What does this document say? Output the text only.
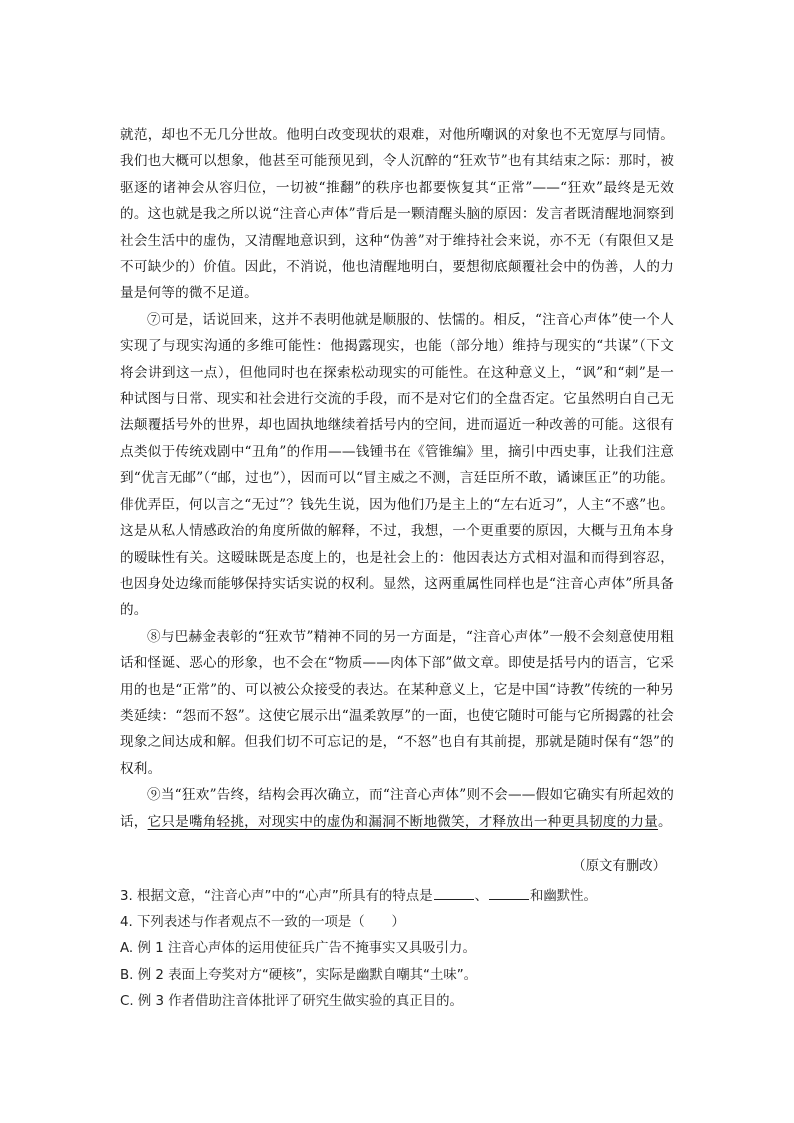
就范，却也不无几分世故。他明白改变现状的艰难，对他所嘲讽的对象也不无宽厚与同情。我们也大概可以想象，他甚至可能预见到，令人沉醉的“狂欢节”也有其结束之际：那时，被驱逐的诸神会从容归位，一切被“推翻”的秩序也都要恢复其“正常”——“狂欢”最终是无效的。这也就是我之所以说“注音心声体”背后是一颗清醒头脑的原因：发言者既清醒地洞察到社会生活中的虚伪，又清醒地意识到，这种“伪善”对于维持社会来说，亦不无（有限但又是不可缺少的）价值。因此，不消说，他也清醒地明白，要想彻底颠覆社会中的伪善，人的力量是何等的微不足道。

⑦可是，话说回来，这并不表明他就是顺服的、怯懦的。相反，“注音心声体”使一个人实现了与现实沟通的多维可能性：他揭露现实，也能（部分地）维持与现实的“共谋”（下文将会讲到这一点），但他同时也在探索松动现实的可能性。在这种意义上，“讽”和“刺”是一种试图与日常、现实和社会进行交流的手段，而不是对它们的全盘否定。它虽然明白自己无法颠覆括号外的世界，却也固执地继续着括号内的空间，进而逼近一种改善的可能。这很有点类似于传统戏剧中“丑角”的作用——钱锺书在《管锥编》里，摘引中西史事，让我们注意到“优言无邮”（“邮，过也”），因而可以“冒主威之不测，言廷臣所不敢，谲谏匡正”的功能。俳优弄臣，何以言之“无过”？钱先生说，因为他们乃是主上的“左右近习”，人主“不惑”也。这是从私人情感政治的角度所做的解释，不过，我想，一个更重要的原因，大概与丑角本身的暧昧性有关。这暧昧既是态度上的，也是社会上的：他因表达方式相对温和而得到容忍，也因身处边缘而能够保持实话实说的权利。显然，这两重属性同样也是“注音心声体”所具备的。

⑧与巴赫金表彰的“狂欢节”精神不同的另一方面是，“注音心声体”一般不会刻意使用粗话和怪诞、恶心的形象，也不会在“物质——肉体下部”做文章。即使是括号内的语言，它采用的也是“正常”的、可以被公众接受的表达。在某种意义上，它是中国“诗教”传统的一种另类延续：“怨而不怒”。这使它展示出“温柔敦厚”的一面，也使它随时可能与它所揭露的社会现象之间达成和解。但我们切不可忘记的是，“不怒”也自有其前提，那就是随时保有“怨”的权利。

⑨当“狂欢”告终，结构会再次确立，而“注音心声体”则不会——假如它确实有所起效的话，它只是嘴角轻挑，对现实中的虚伪和漏洞不断地微笑，才释放出一种更具韧度的力量。

（原文有删改）
3. 根据文意，“注音心声”中的“心声”所具有的特点是	、	和幽默性。
4. 下列表述与作者观点不一致的一项是（　　）
A. 例 1 注音心声体的运用使征兵广告不掩事实又具吸引力。
B. 例 2 表面上夸奖对方“硬核”，实际是幽默自嘲其“土味”。
C. 例 3 作者借助注音体批评了研究生做实验的真正目的。
